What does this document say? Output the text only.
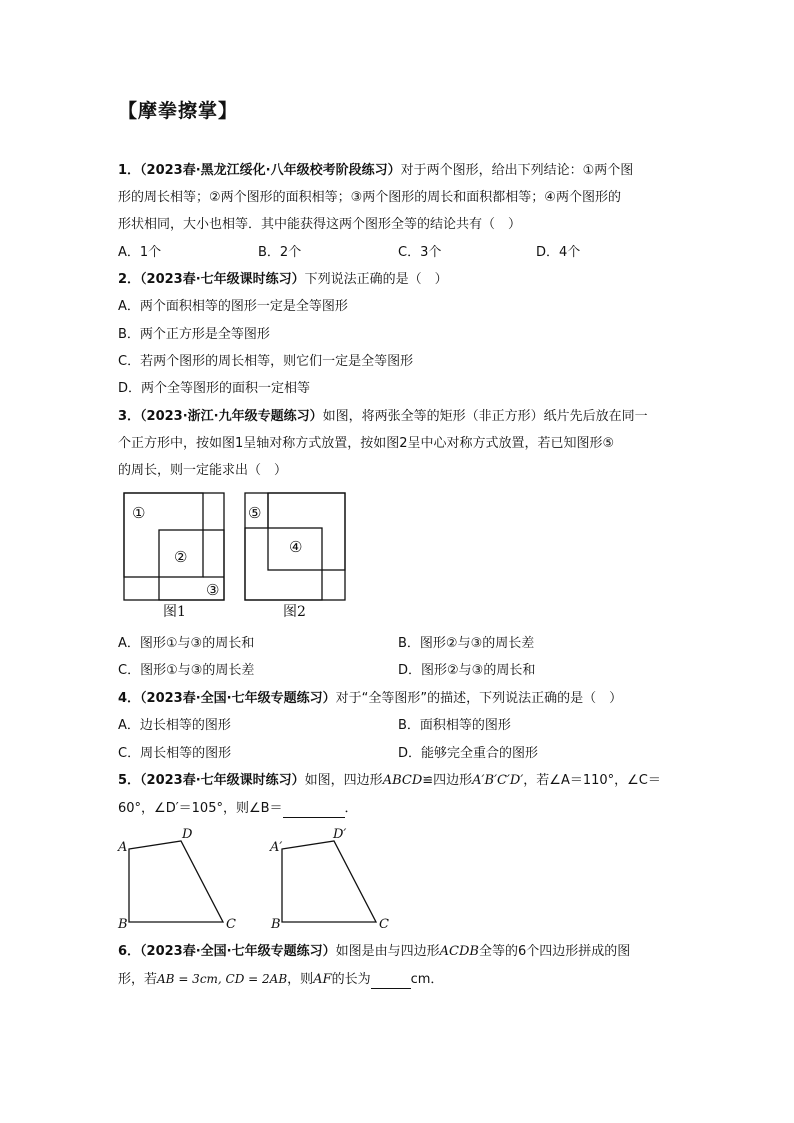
【摩拳擦掌】
1．（2023春·黑龙江绥化·八年级校考阶段练习）对于两个图形，给出下列结论：①两个图
形的周长相等；②两个图形的面积相等；③两个图形的周长和面积都相等；④两个图形的
形状相同，大小也相等．其中能获得这两个图形全等的结论共有（　）
A．1个	B．2个	C．3个	D．4个
2．（2023春·七年级课时练习）下列说法正确的是（　）
A．两个面积相等的图形一定是全等图形
B．两个正方形是全等图形
C．若两个图形的周长相等，则它们一定是全等图形
D．两个全等图形的面积一定相等
3．（2023·浙江·九年级专题练习）如图，将两张全等的矩形（非正方形）纸片先后放在同一
个正方形中，按如图1呈轴对称方式放置，按如图2呈中心对称方式放置，若已知图形⑤
的周长，则一定能求出（　）
①
②
③
⑤
④
图1	图2
A．图形①与③的周长和	B．图形②与③的周长差
C．图形①与③的周长差	D．图形②与③的周长和
4．（2023春·全国·七年级专题练习）对于“全等图形”的描述，下列说法正确的是（　）
A．边长相等的图形	B．面积相等的图形
C．周长相等的图形	D．能够完全重合的图形
5．（2023春·七年级课时练习）如图，四边形ABCD≌四边形A′B′C′D′，若∠A＝110°，∠C＝
60°，∠D′＝105°，则∠B＝	．
A
D
B	C
A′
D′
B	C
6．（2023春·全国·七年级专题练习）如图是由与四边形ACDB全等的6个四边形拼成的图
形，若AB = 3cm, CD = 2AB，则AF的长为	cm．
